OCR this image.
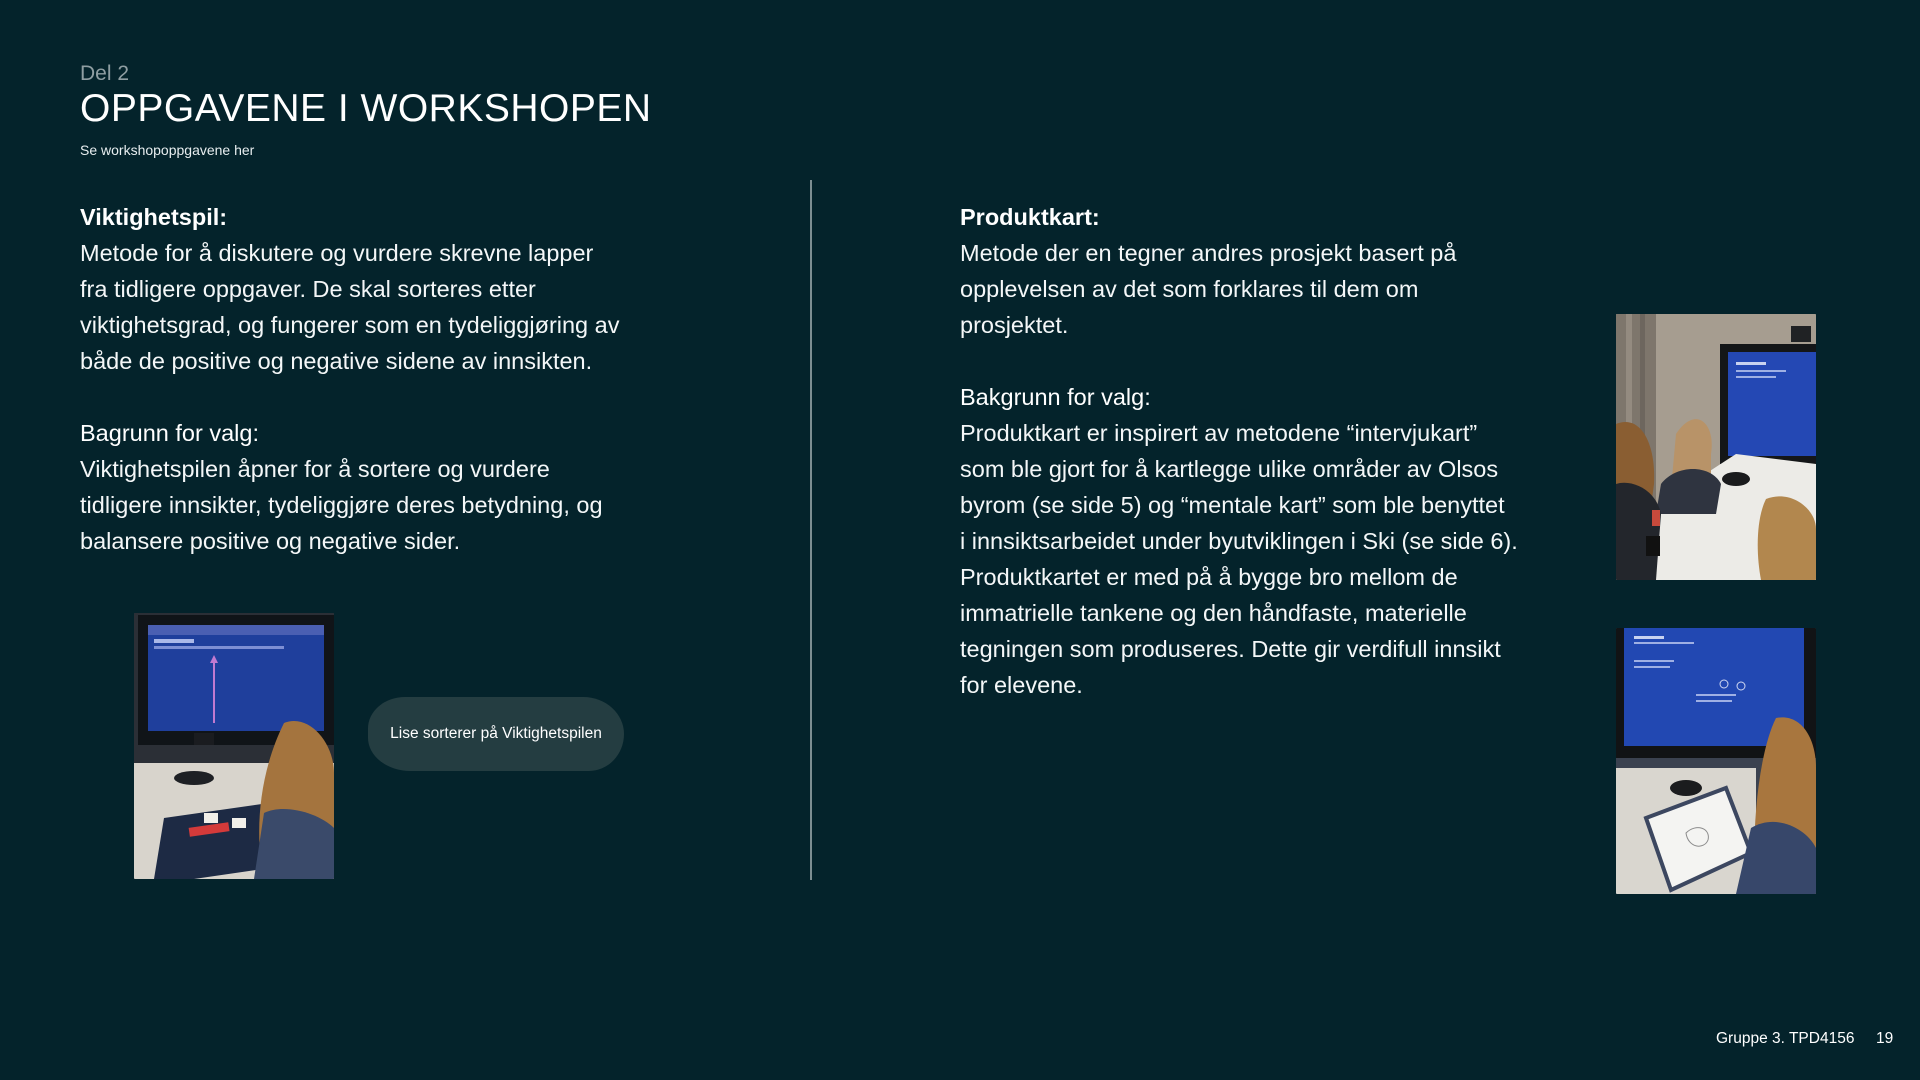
Del 2
OPPGAVENE I WORKSHOPEN
Se workshopoppgavene her
Viktighetspil:

Metode for å diskutere og vurdere skrevne lapper
fra tidligere oppgaver. De skal sorteres etter
viktighetsgrad, og fungerer som en tydeliggjøring av
både de positive og negative sidene av innsikten.

Bagrunn for valg:

Viktighetspilen åpner for å sortere og vurdere
tidligere innsikter, tydeliggjøre deres betydning, og
balansere positive og negative sider.

Lise sorterer på Viktighetspilen
Produktkart:

Metode der en tegner andres prosjekt basert på
opplevelsen av det som forklares til dem om
prosjektet.

Bakgrunn for valg:

Produktkart er inspirert av metodene “intervjukart”
som ble gjort for å kartlegge ulike områder av Olsos
byrom (se side 5) og “mentale kart” som ble benyttet
i innsiktsarbeidet under byutviklingen i Ski (se side 6).
Produktkartet er med på å bygge bro mellom de
immatrielle tankene og den håndfaste, materielle
tegningen som produseres. Dette gir verdifull innsikt
for elevene.

Gruppe 3. TPD4156 19
